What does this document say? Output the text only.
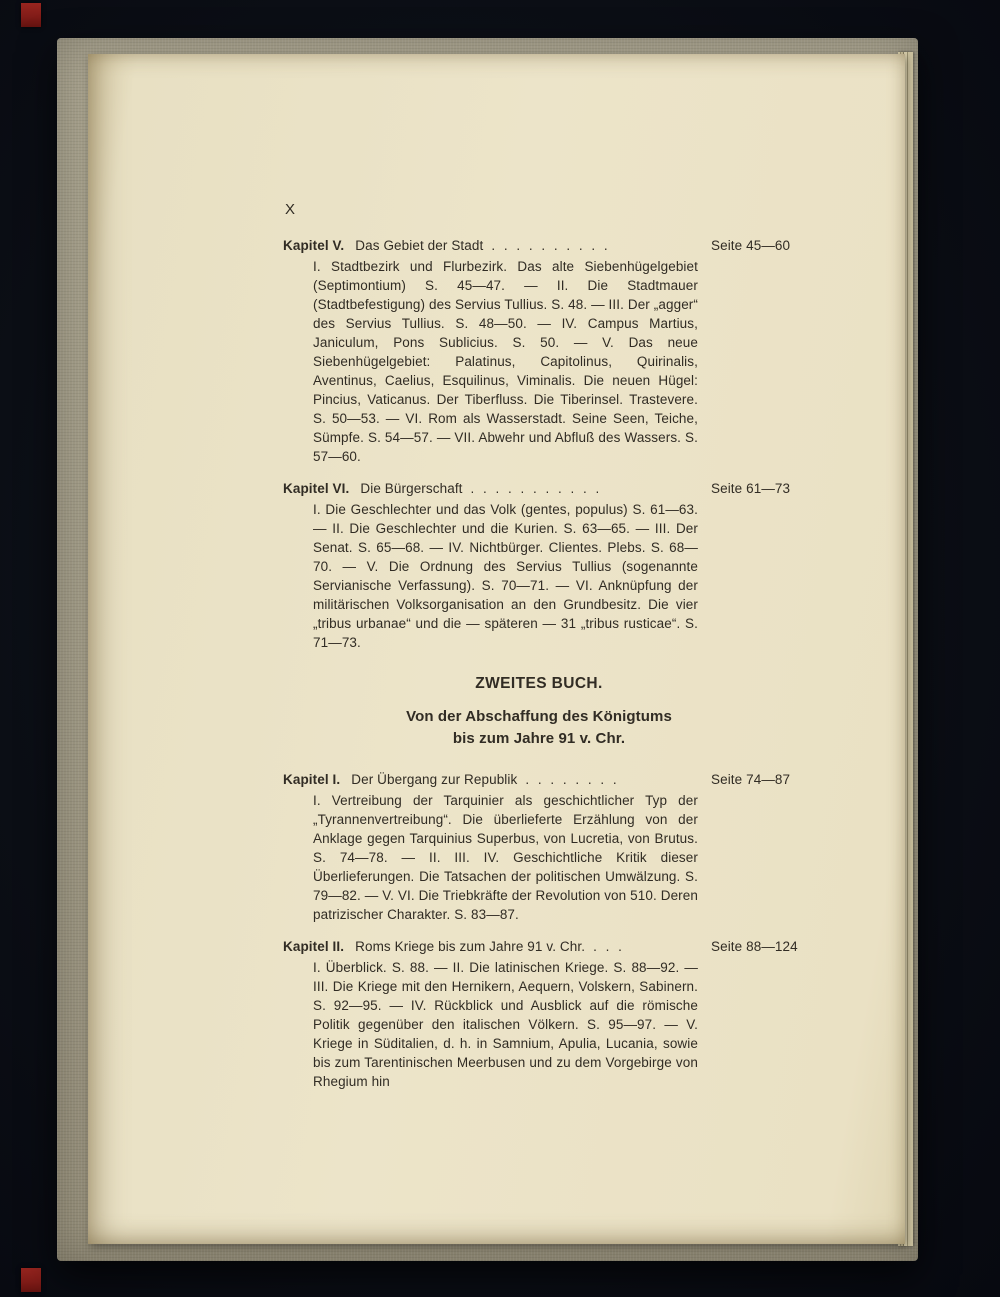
X
Kapitel V. Das Gebiet der Stadt . . . . . . . . . .	Seite 45—60

I. Stadtbezirk und Flurbezirk. Das alte Siebenhügelgebiet (Septimontium) S. 45—47. — II. Die Stadtmauer (Stadtbefestigung) des Servius Tullius. S. 48. — III. Der „agger“ des Servius Tullius. S. 48—50. — IV. Campus Martius, Janiculum, Pons Sublicius. S. 50. — V. Das neue Siebenhügelgebiet: Palatinus, Capitolinus, Quirinalis, Aventinus, Caelius, Esquilinus, Viminalis. Die neuen Hügel: Pincius, Vaticanus. Der Tiberfluss. Die Tiberinsel. Trastevere. S. 50—53. — VI. Rom als Wasserstadt. Seine Seen, Teiche, Sümpfe. S. 54—57. — VII. Abwehr und Abfluß des Wassers. S. 57—60.

Kapitel VI. Die Bürgerschaft . . . . . . . . . . .	Seite 61—73

I. Die Geschlechter und das Volk (gentes, populus) S. 61—63. — II. Die Geschlechter und die Kurien. S. 63—65. — III. Der Senat. S. 65—68. — IV. Nichtbürger. Clientes. Plebs. S. 68—70. — V. Die Ordnung des Servius Tullius (sogenannte Servianische Verfassung). S. 70—71. — VI. Anknüpfung der militärischen Volksorganisation an den Grundbesitz. Die vier „tribus urbanae“ und die — späteren — 31 „tribus rusticae“. S. 71—73.

ZWEITES BUCH.
Von der Abschaffung des Königtums
bis zum Jahre 91 v. Chr.
Kapitel I. Der Übergang zur Republik . . . . . . . .	Seite 74—87

I. Vertreibung der Tarquinier als geschichtlicher Typ der „Tyrannenvertreibung“. Die überlieferte Erzählung von der Anklage gegen Tarquinius Superbus, von Lucretia, von Brutus. S. 74—78. — II. III. IV. Geschichtliche Kritik dieser Überlieferungen. Die Tatsachen der politischen Umwälzung. S. 79—82. — V. VI. Die Triebkräfte der Revolution von 510. Deren patrizischer Charakter. S. 83—87.

Kapitel II. Roms Kriege bis zum Jahre 91 v. Chr. . . .	Seite 88—124

I. Überblick. S. 88. — II. Die latinischen Kriege. S. 88—92. — III. Die Kriege mit den Hernikern, Aequern, Volskern, Sabinern. S. 92—95. — IV. Rückblick und Ausblick auf die römische Politik gegenüber den italischen Völkern. S. 95—97. — V. Kriege in Süditalien, d. h. in Samnium, Apulia, Lucania, sowie bis zum Tarentinischen Meerbusen und zu dem Vorgebirge von Rhegium hin
